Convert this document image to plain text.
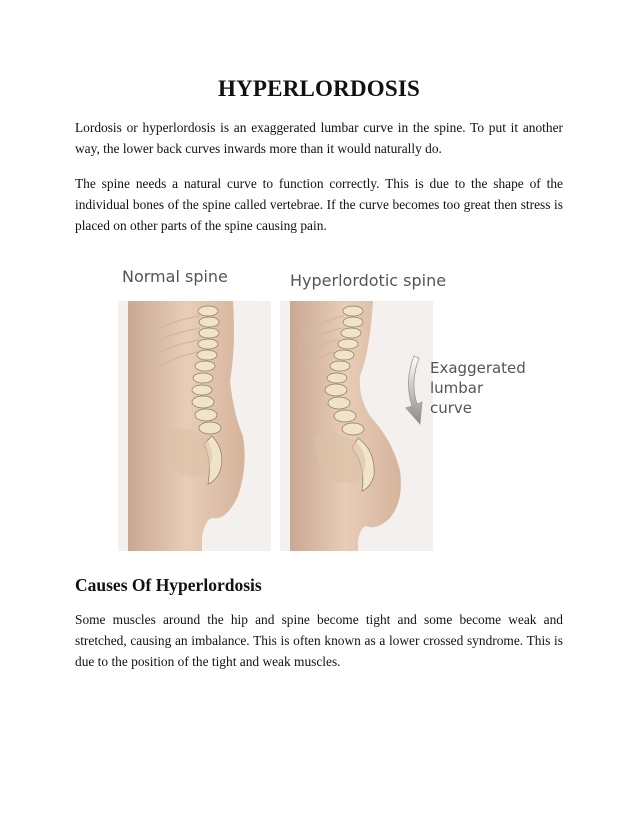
HYPERLORDOSIS

Lordosis or hyperlordosis is an exaggerated lumbar curve in the spine. To put it another way, the lower back curves inwards more than it would naturally do.

The spine needs a natural curve to function correctly. This is due to the shape of the individual bones of the spine called vertebrae. If the curve becomes too great then stress is placed on other parts of the spine causing pain.

Normal spine	Hyperlordotic spine
Exaggerated
lumbar
curve
Causes Of Hyperlordosis

Some muscles around the hip and spine become tight and some become weak and stretched, causing an imbalance. This is often known as a lower crossed syndrome. This is due to the position of the tight and weak muscles.
